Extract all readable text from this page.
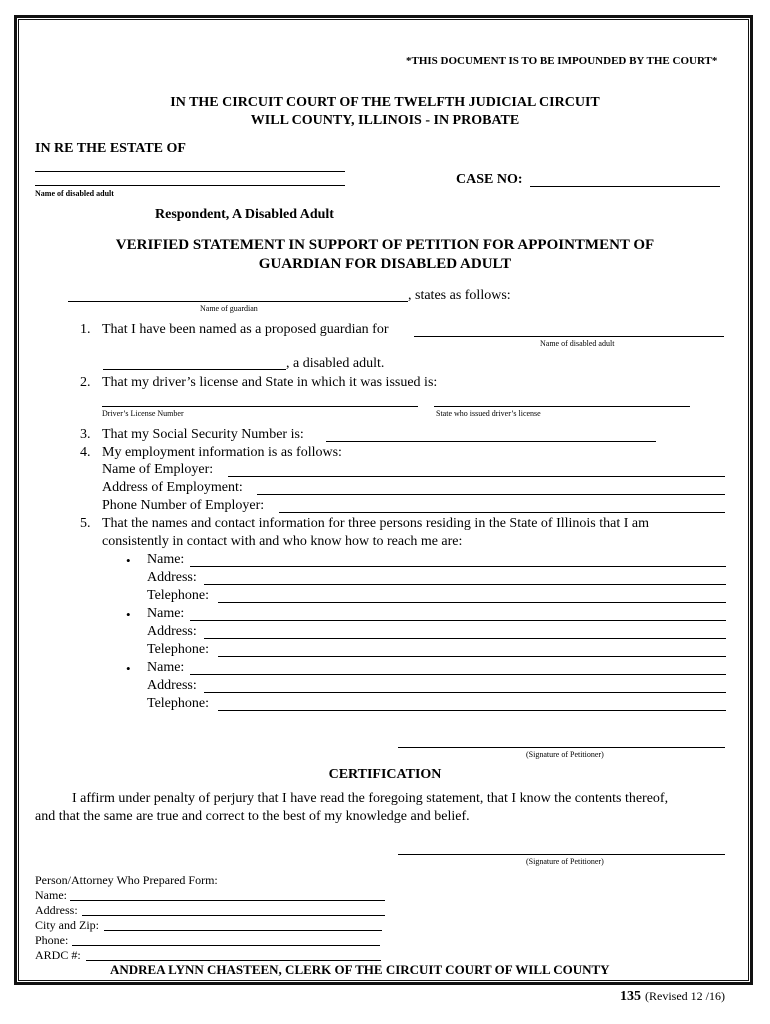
*THIS DOCUMENT IS TO BE IMPOUNDED BY THE COURT*
IN THE CIRCUIT COURT OF THE TWELFTH JUDICIAL CIRCUIT
WILL COUNTY, ILLINOIS - IN PROBATE
IN RE THE ESTATE OF
Name of disabled adult
CASE NO:
Respondent, A Disabled Adult
VERIFIED STATEMENT IN SUPPORT OF PETITION FOR APPOINTMENT OF
GUARDIAN FOR DISABLED ADULT
, states as follows:
Name of guardian
1. That I have been named as a proposed guardian for
Name of disabled adult
, a disabled adult.
2. That my driver’s license and State in which it was issued is:
Driver’s License Number	State who issued driver’s license
3. That my Social Security Number is:
4. My employment information is as follows:
Name of Employer:
Address of Employment:
Phone Number of Employer:
5. That the names and contact information for three persons residing in the State of Illinois that I am
consistently in contact with and who know how to reach me are:
• Name:
Address:
Telephone:
• Name:
Address:
Telephone:
• Name:
Address:
Telephone:
(Signature of Petitioner)
CERTIFICATION
I affirm under penalty of perjury that I have read the foregoing statement, that I know the contents thereof,
and that the same are true and correct to the best of my knowledge and belief.
(Signature of Petitioner)
Person/Attorney Who Prepared Form:
Name:
Address:
City and Zip:
Phone:
ARDC #:
ANDREA LYNN CHASTEEN, CLERK OF THE CIRCUIT COURT OF WILL COUNTY
135 (Revised 12 /16)
